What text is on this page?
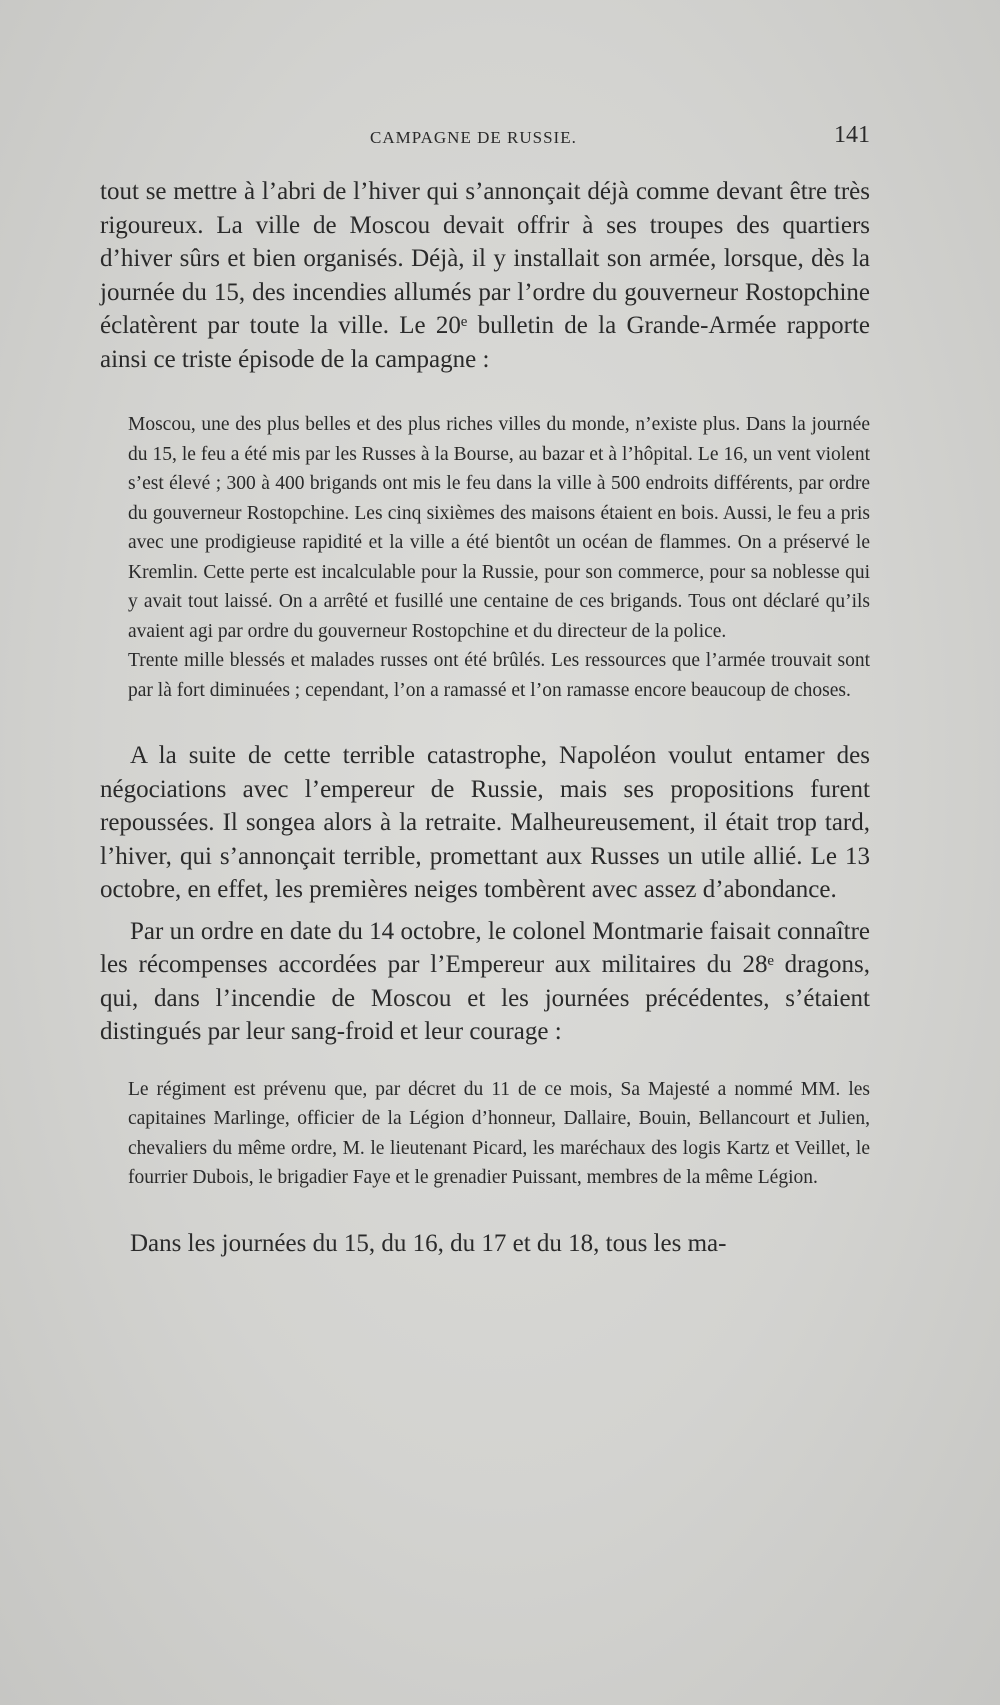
CAMPAGNE DE RUSSIE.	141

tout se mettre à l’abri de l’hiver qui s’annonçait déjà comme devant être très rigoureux. La ville de Moscou devait offrir à ses troupes des quartiers d’hiver sûrs et bien organisés. Déjà, il y installait son armée, lorsque, dès la journée du 15, des incendies allumés par l’ordre du gouverneur Rostopchine éclatèrent par toute la ville. Le 20ᵉ bulletin de la Grande-Armée rapporte ainsi ce triste épisode de la campagne :

Moscou, une des plus belles et des plus riches villes du monde, n’existe plus. Dans la journée du 15, le feu a été mis par les Russes à la Bourse, au bazar et à l’hôpital. Le 16, un vent violent s’est élevé ; 300 à 400 brigands ont mis le feu dans la ville à 500 endroits différents, par ordre du gouverneur Rostopchine. Les cinq sixièmes des maisons étaient en bois. Aussi, le feu a pris avec une prodigieuse rapidité et la ville a été bientôt un océan de flammes. On a préservé le Kremlin. Cette perte est incalculable pour la Russie, pour son commerce, pour sa noblesse qui y avait tout laissé. On a arrêté et fusillé une centaine de ces brigands. Tous ont déclaré qu’ils avaient agi par ordre du gouverneur Rostopchine et du directeur de la police.

Trente mille blessés et malades russes ont été brûlés. Les ressources que l’armée trouvait sont par là fort diminuées ; cependant, l’on a ramassé et l’on ramasse encore beaucoup de choses.

A la suite de cette terrible catastrophe, Napoléon voulut entamer des négociations avec l’empereur de Russie, mais ses propositions furent repoussées. Il songea alors à la retraite. Malheureusement, il était trop tard, l’hiver, qui s’annonçait terrible, promettant aux Russes un utile allié. Le 13 octobre, en effet, les premières neiges tombèrent avec assez d’abondance.

Par un ordre en date du 14 octobre, le colonel Montmarie faisait connaître les récompenses accordées par l’Empereur aux militaires du 28ᵉ dragons, qui, dans l’incendie de Moscou et les journées précédentes, s’étaient distingués par leur sang-froid et leur courage :

Le régiment est prévenu que, par décret du 11 de ce mois, Sa Majesté a nommé MM. les capitaines Marlinge, officier de la Légion d’honneur, Dallaire, Bouin, Bellancourt et Julien, chevaliers du même ordre, M. le lieutenant Picard, les maréchaux des logis Kartz et Veillet, le fourrier Dubois, le brigadier Faye et le grenadier Puissant, membres de la même Légion.

Dans les journées du 15, du 16, du 17 et du 18, tous les ma-
